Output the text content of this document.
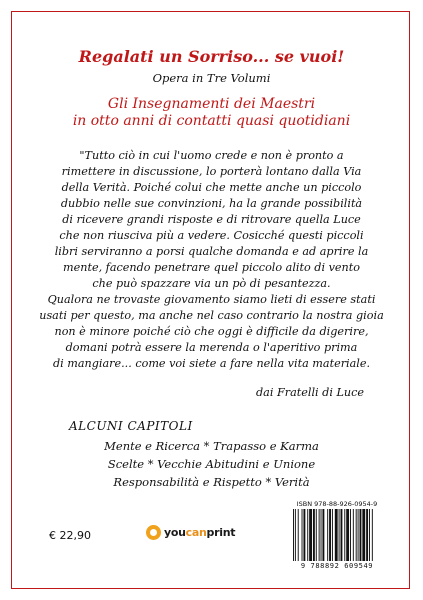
Regalati un Sorriso... se vuoi!
Opera in Tre Volumi
Gli Insegnamenti dei Maestri
in otto anni di contatti quasi quotidiani
"Tutto ciò in cui l'uomo crede e non è pronto a
rimettere in discussione, lo porterà lontano dalla Via
della Verità. Poiché colui che mette anche un piccolo
dubbio nelle sue convinzioni, ha la grande possibilità
di ricevere grandi risposte e di ritrovare quella Luce
che non riusciva più a vedere. Cosicché questi piccoli
libri serviranno a porsi qualche domanda e ad aprire la
mente, facendo penetrare quel piccolo alito di vento
che può spazzare via un pò di pesantezza.
Qualora ne trovaste giovamento siamo lieti di essere stati
usati per questo, ma anche nel caso contrario la nostra gioia
non è minore poiché ciò che oggi è difficile da digerire,
domani potrà essere la merenda o l'aperitivo prima
di mangiare... come voi siete a fare nella vita materiale.
dai Fratelli di Luce
ALCUNI CAPITOLI
Mente e Ricerca * Trapasso e Karma
Scelte * Vecchie Abitudini e Unione
Responsabilità e Rispetto * Verità
€ 22,90	youcanprint
ISBN 978-88-926-0954-9
9 788892 609549
